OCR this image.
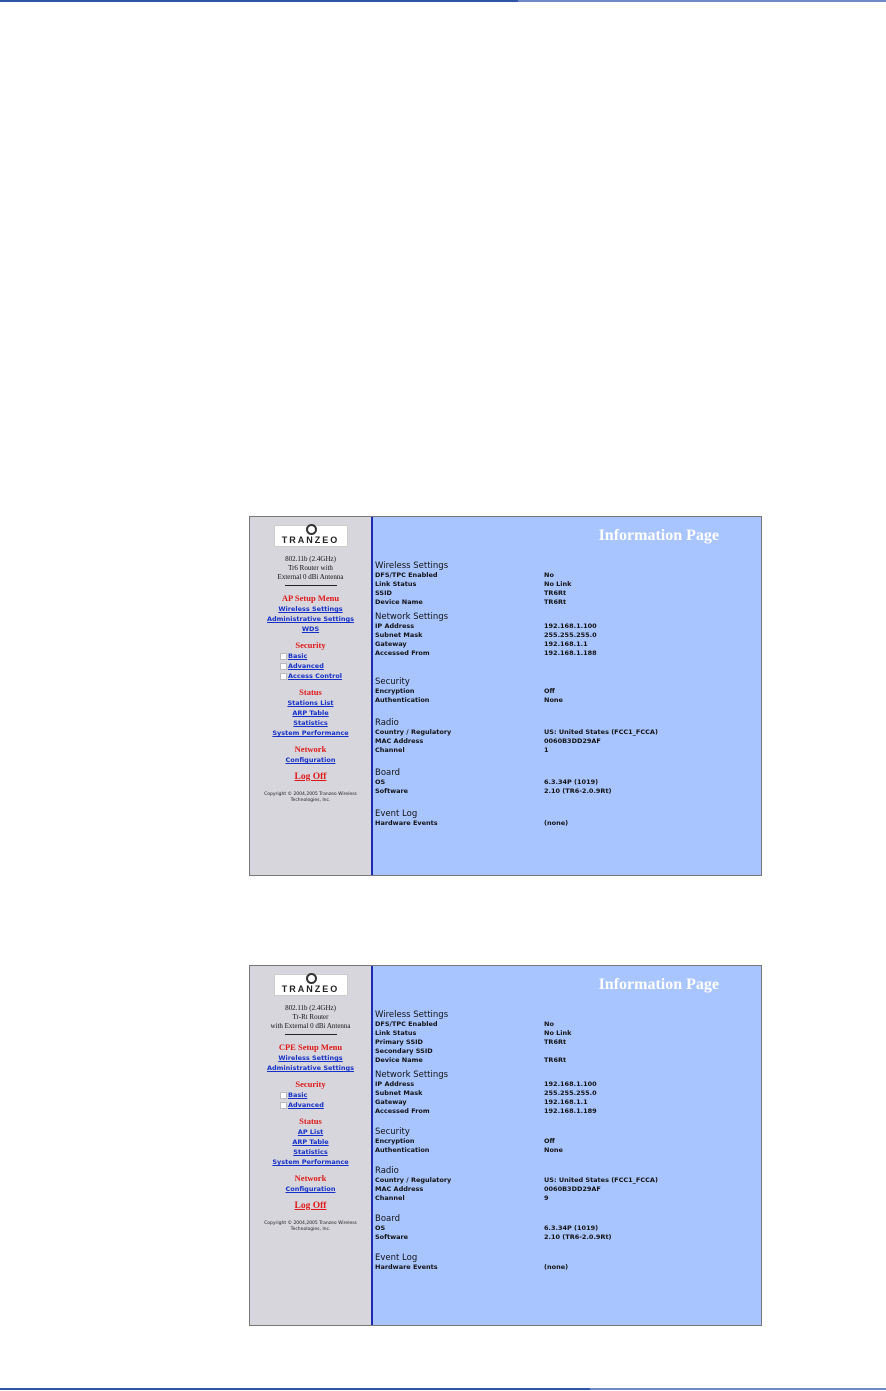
TRANZEO
802.11b (2.4GHz)
Tr6 Router with
External 0 dBi Antenna
AP Setup Menu
Wireless Settings
Administrative Settings
WDS
Security
Basic
Advanced
Access Control
Status
Stations List
ARP Table
Statistics
System Performance
Network
Configuration
Log Off
Copyright © 2004,2005 Tranzeo Wireless Technologies, Inc.
Information Page
Wireless Settings
DFS/TPC Enabled	No
Link Status	No Link
SSID	TR6Rt
Device Name	TR6Rt
Network Settings
IP Address	192.168.1.100
Subnet Mask	255.255.255.0
Gateway	192.168.1.1
Accessed From	192.168.1.188
Security
Encryption	Off
Authentication	None
Radio
Country / Regulatory	US: United States (FCC1_FCCA)
MAC Address	0060B3DD29AF
Channel	1
Board
OS	6.3.34P (1019)
Software	2.10 (TR6-2.0.9Rt)
Event Log
Hardware Events	(none)
TRANZEO
802.11b (2.4GHz)
Tr-Rt Router
with External 0 dBi Antenna
CPE Setup Menu
Wireless Settings
Administrative Settings
Security
Basic
Advanced
Status
AP List
ARP Table
Statistics
System Performance
Network
Configuration
Log Off
Copyright © 2004,2005 Tranzeo Wireless Technologies, Inc.
Information Page
Wireless Settings
DFS/TPC Enabled	No
Link Status	No Link
Primary SSID	TR6Rt
Secondary SSID
Device Name	TR6Rt
Network Settings
IP Address	192.168.1.100
Subnet Mask	255.255.255.0
Gateway	192.168.1.1
Accessed From	192.168.1.189
Security
Encryption	Off
Authentication	None
Radio
Country / Regulatory	US: United States (FCC1_FCCA)
MAC Address	0060B3DD29AF
Channel	9
Board
OS	6.3.34P (1019)
Software	2.10 (TR6-2.0.9Rt)
Event Log
Hardware Events	(none)
